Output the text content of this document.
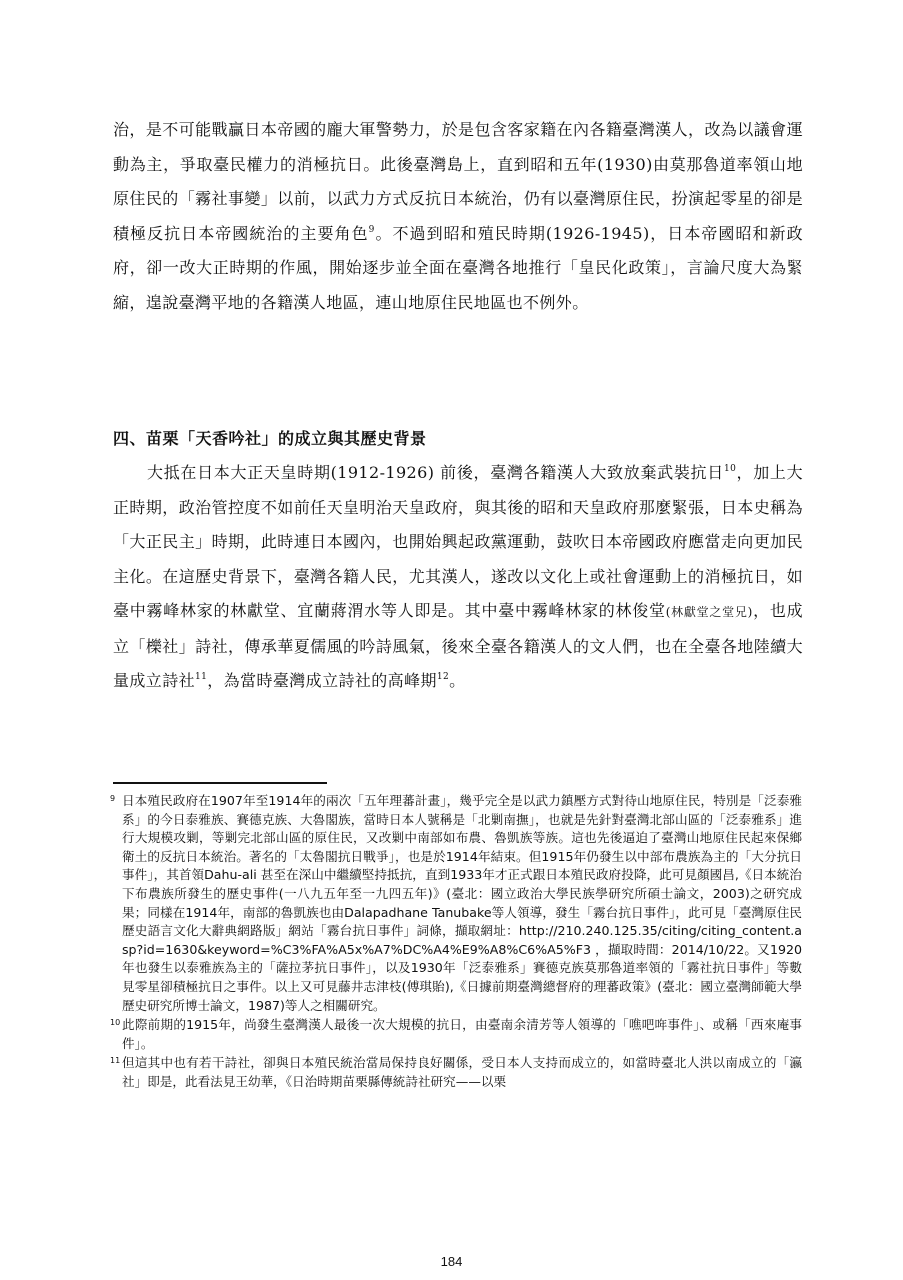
治，是不可能戰贏日本帝國的龐大軍警勢力，於是包含客家籍在內各籍臺灣漢人，改為以議會運動為主，爭取臺民權力的消極抗日。此後臺灣島上，直到昭和五年(1930)由莫那魯道率領山地原住民的「霧社事變」以前，以武力方式反抗日本統治，仍有以臺灣原住民，扮演起零星的卻是積極反抗日本帝國統治的主要角色$^9$。不過到昭和殖民時期(1926-1945)，日本帝國昭和新政府，卻一改大正時期的作風，開始逐步並全面在臺灣各地推行「皇民化政策」，言論尺度大為緊縮，遑說臺灣平地的各籍漢人地區，連山地原住民地區也不例外。
四、苗栗「天香吟社」的成立與其歷史背景
大抵在日本大正天皇時期(1912-1926) 前後，臺灣各籍漢人大致放棄武裝抗日$^{10}$，加上大正時期，政治管控度不如前任天皇明治天皇政府，與其後的昭和天皇政府那麼緊張，日本史稱為「大正民主」時期，此時連日本國內，也開始興起政黨運動，鼓吹日本帝國政府應當走向更加民主化。在這歷史背景下，臺灣各籍人民，尤其漢人，遂改以文化上或社會運動上的消極抗日，如臺中霧峰林家的林獻堂、宜蘭蔣渭水等人即是。其中臺中霧峰林家的林俊堂(林獻堂之堂兄)，也成立「櫟社」詩社，傳承華夏儒風的吟詩風氣，後來全臺各籍漢人的文人們，也在全臺各地陸續大量成立詩社$^{11}$，為當時臺灣成立詩社的高峰期$^{12}$。
9 日本殖民政府在1907年至1914年的兩次「五年理蕃計畫」，幾乎完全是以武力鎮壓方式對待山地原住民，特別是「泛泰雅系」的今日泰雅族、賽德克族、大魯閣族，當時日本人號稱是「北剿南撫」，也就是先針對臺灣北部山區的「泛泰雅系」進行大規模攻剿，等剿完北部山區的原住民，又改剿中南部如布農、魯凱族等族。這也先後逼迫了臺灣山地原住民起來保鄉衛土的反抗日本統治。著名的「太魯閣抗日戰爭」，也是於1914年結束。但1915年仍發生以中部布農族為主的「大分抗日事件」，其首領Dahu-ali 甚至在深山中繼續堅持抵抗，直到1933年才正式跟日本殖民政府投降，此可見顏國昌,《日本統治下布農族所發生的歷史事件(一八九五年至一九四五年)》(臺北：國立政治大學民族學研究所碩士論文，2003)之研究成果；同樣在1914年，南部的魯凱族也由Dalapadhane Tanubake等人領導，發生「霧台抗日事件」，此可見「臺灣原住民歷史語言文化大辭典網路版」網站「霧台抗日事件」詞條，擷取網址：http://210.240.125.35/citing/citing_content.asp?id=1630&keyword=%C3%FA%A5x%A7%DC%A4%E9%A8%C6%A5%F3 ，擷取時間：2014/10/22。又1920年也發生以泰雅族為主的「薩拉茅抗日事件」，以及1930年「泛泰雅系」賽德克族莫那魯道率領的「霧社抗日事件」等數見零星卻積極抗日之事件。以上又可見藤井志津枝(傅琪貽),《日據前期臺灣總督府的理蕃政策》(臺北：國立臺灣師範大學歷史研究所博士論文，1987)等人之相關研究。
10 此際前期的1915年，尚發生臺灣漢人最後一次大規模的抗日，由臺南余清芳等人領導的「噍吧哖事件」、或稱「西來庵事件」。
11 但這其中也有若干詩社，卻與日本殖民統治當局保持良好關係，受日本人支持而成立的，如當時臺北人洪以南成立的「瀛社」即是，此看法見王幼華，《日治時期苗栗縣傳統詩社研究——以栗
184
